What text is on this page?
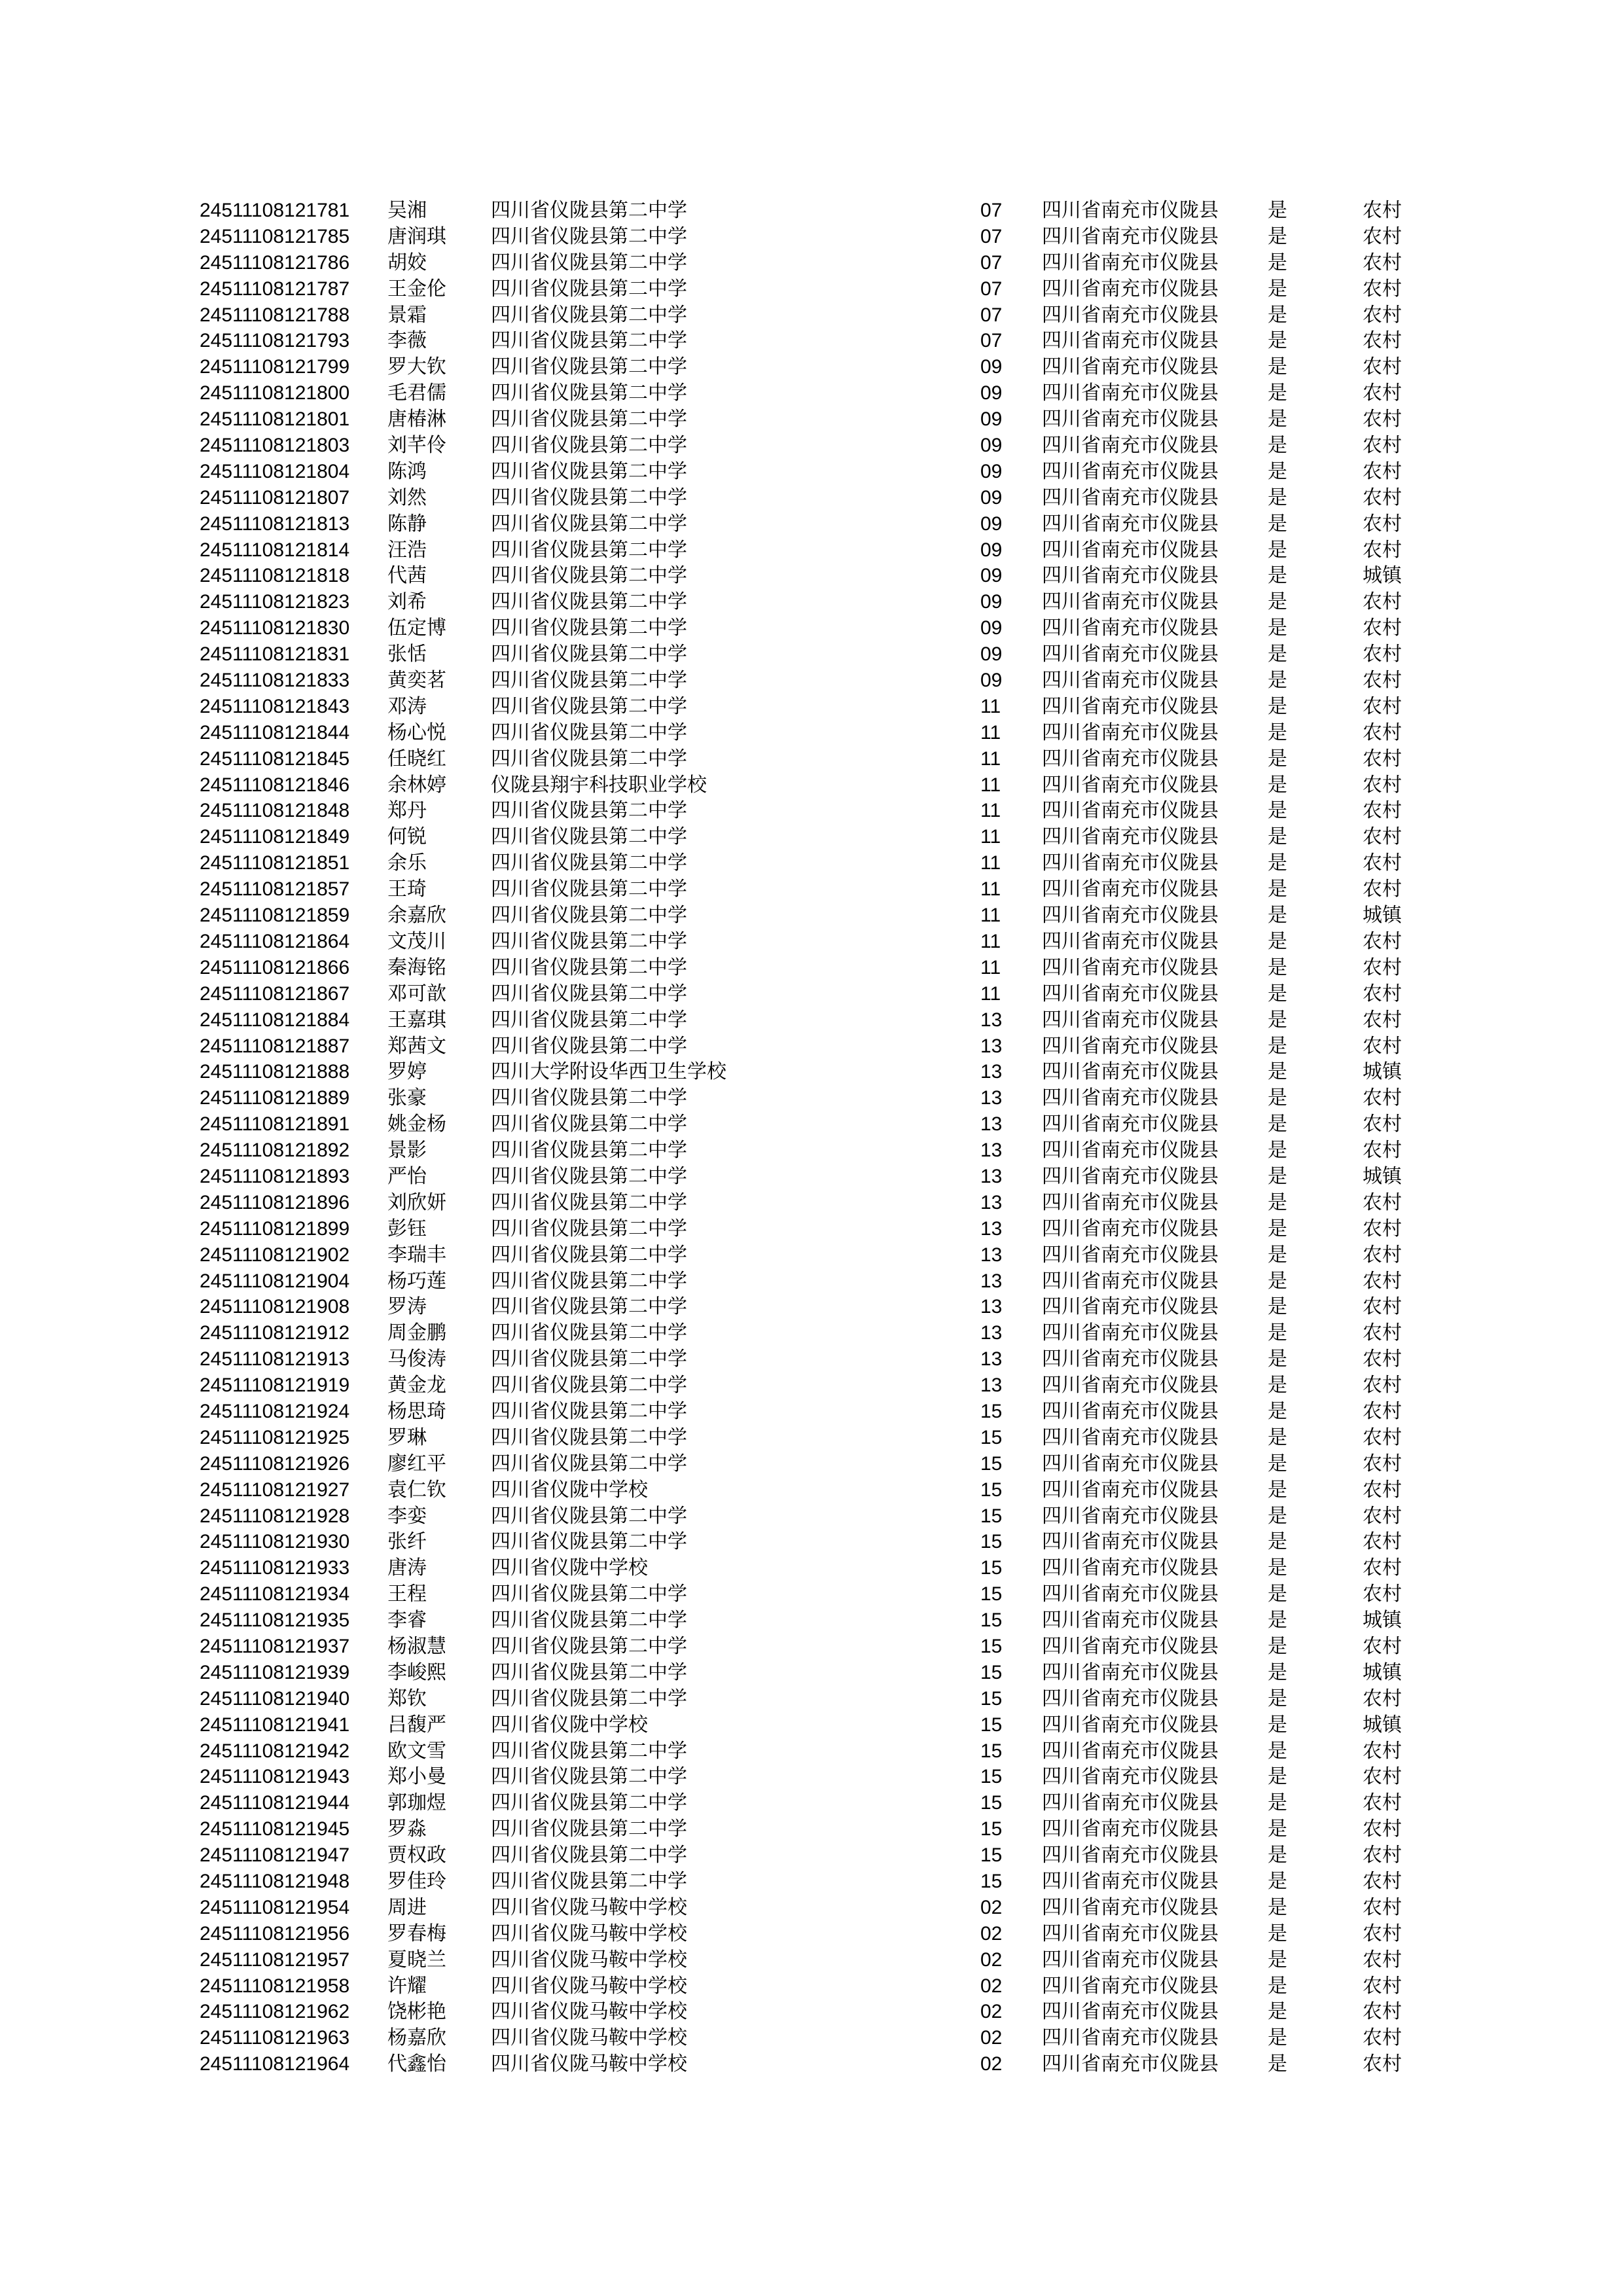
24511108121781 吴湘	四川省仪陇县第二中学	07 四川省南充市仪陇县	是	农村
24511108121785 唐润琪 四川省仪陇县第二中学	07 四川省南充市仪陇县	是	农村
24511108121786 胡姣	四川省仪陇县第二中学	07 四川省南充市仪陇县	是	农村
24511108121787 王金伦 四川省仪陇县第二中学	07 四川省南充市仪陇县	是	农村
24511108121788 景霜	四川省仪陇县第二中学	07 四川省南充市仪陇县	是	农村
24511108121793 李薇	四川省仪陇县第二中学	07 四川省南充市仪陇县	是	农村
24511108121799 罗大钦 四川省仪陇县第二中学	09 四川省南充市仪陇县	是	农村
24511108121800 毛君儒 四川省仪陇县第二中学	09 四川省南充市仪陇县	是	农村
24511108121801 唐椿淋 四川省仪陇县第二中学	09 四川省南充市仪陇县	是	农村
24511108121803 刘芊伶 四川省仪陇县第二中学	09 四川省南充市仪陇县	是	农村
24511108121804 陈鸿	四川省仪陇县第二中学	09 四川省南充市仪陇县	是	农村
24511108121807 刘然	四川省仪陇县第二中学	09 四川省南充市仪陇县	是	农村
24511108121813 陈静	四川省仪陇县第二中学	09 四川省南充市仪陇县	是	农村
24511108121814 汪浩	四川省仪陇县第二中学	09 四川省南充市仪陇县	是	农村
24511108121818 代茜	四川省仪陇县第二中学	09 四川省南充市仪陇县	是	城镇
24511108121823 刘希	四川省仪陇县第二中学	09 四川省南充市仪陇县	是	农村
24511108121830 伍定博 四川省仪陇县第二中学	09 四川省南充市仪陇县	是	农村
24511108121831 张恬	四川省仪陇县第二中学	09 四川省南充市仪陇县	是	农村
24511108121833 黄奕茗 四川省仪陇县第二中学	09 四川省南充市仪陇县	是	农村
24511108121843 邓涛	四川省仪陇县第二中学	11 四川省南充市仪陇县	是	农村
24511108121844 杨心悦 四川省仪陇县第二中学	11 四川省南充市仪陇县	是	农村
24511108121845 任晓红 四川省仪陇县第二中学	11 四川省南充市仪陇县	是	农村
24511108121846 余林婷 仪陇县翔宇科技职业学校	11 四川省南充市仪陇县	是	农村
24511108121848 郑丹	四川省仪陇县第二中学	11 四川省南充市仪陇县	是	农村
24511108121849 何锐	四川省仪陇县第二中学	11 四川省南充市仪陇县	是	农村
24511108121851 余乐	四川省仪陇县第二中学	11 四川省南充市仪陇县	是	农村
24511108121857 王琦	四川省仪陇县第二中学	11 四川省南充市仪陇县	是	农村
24511108121859 余嘉欣 四川省仪陇县第二中学	11 四川省南充市仪陇县	是	城镇
24511108121864 文茂川 四川省仪陇县第二中学	11 四川省南充市仪陇县	是	农村
24511108121866 秦海铭 四川省仪陇县第二中学	11 四川省南充市仪陇县	是	农村
24511108121867 邓可歆 四川省仪陇县第二中学	11 四川省南充市仪陇县	是	农村
24511108121884 王嘉琪 四川省仪陇县第二中学	13 四川省南充市仪陇县	是	农村
24511108121887 郑茜文 四川省仪陇县第二中学	13 四川省南充市仪陇县	是	农村
24511108121888 罗婷	四川大学附设华西卫生学校	13 四川省南充市仪陇县	是	城镇
24511108121889 张豪	四川省仪陇县第二中学	13 四川省南充市仪陇县	是	农村
24511108121891 姚金杨 四川省仪陇县第二中学	13 四川省南充市仪陇县	是	农村
24511108121892 景影	四川省仪陇县第二中学	13 四川省南充市仪陇县	是	农村
24511108121893 严怡	四川省仪陇县第二中学	13 四川省南充市仪陇县	是	城镇
24511108121896 刘欣妍 四川省仪陇县第二中学	13 四川省南充市仪陇县	是	农村
24511108121899 彭钰	四川省仪陇县第二中学	13 四川省南充市仪陇县	是	农村
24511108121902 李瑞丰 四川省仪陇县第二中学	13 四川省南充市仪陇县	是	农村
24511108121904 杨巧莲 四川省仪陇县第二中学	13 四川省南充市仪陇县	是	农村
24511108121908 罗涛	四川省仪陇县第二中学	13 四川省南充市仪陇县	是	农村
24511108121912 周金鹏 四川省仪陇县第二中学	13 四川省南充市仪陇县	是	农村
24511108121913 马俊涛 四川省仪陇县第二中学	13 四川省南充市仪陇县	是	农村
24511108121919 黄金龙 四川省仪陇县第二中学	13 四川省南充市仪陇县	是	农村
24511108121924 杨思琦 四川省仪陇县第二中学	15 四川省南充市仪陇县	是	农村
24511108121925 罗琳	四川省仪陇县第二中学	15 四川省南充市仪陇县	是	农村
24511108121926 廖红平 四川省仪陇县第二中学	15 四川省南充市仪陇县	是	农村
24511108121927 袁仁钦 四川省仪陇中学校	15 四川省南充市仪陇县	是	农村
24511108121928 李娈	四川省仪陇县第二中学	15 四川省南充市仪陇县	是	农村
24511108121930 张纤	四川省仪陇县第二中学	15 四川省南充市仪陇县	是	农村
24511108121933 唐涛	四川省仪陇中学校	15 四川省南充市仪陇县	是	农村
24511108121934 王程	四川省仪陇县第二中学	15 四川省南充市仪陇县	是	农村
24511108121935 李睿	四川省仪陇县第二中学	15 四川省南充市仪陇县	是	城镇
24511108121937 杨淑慧 四川省仪陇县第二中学	15 四川省南充市仪陇县	是	农村
24511108121939 李峻熙 四川省仪陇县第二中学	15 四川省南充市仪陇县	是	城镇
24511108121940 郑钦	四川省仪陇县第二中学	15 四川省南充市仪陇县	是	农村
24511108121941 吕馥严 四川省仪陇中学校	15 四川省南充市仪陇县	是	城镇
24511108121942 欧文雪 四川省仪陇县第二中学	15 四川省南充市仪陇县	是	农村
24511108121943 郑小曼 四川省仪陇县第二中学	15 四川省南充市仪陇县	是	农村
24511108121944 郭珈煜 四川省仪陇县第二中学	15 四川省南充市仪陇县	是	农村
24511108121945 罗淼	四川省仪陇县第二中学	15 四川省南充市仪陇县	是	农村
24511108121947 贾权政 四川省仪陇县第二中学	15 四川省南充市仪陇县	是	农村
24511108121948 罗佳玲 四川省仪陇县第二中学	15 四川省南充市仪陇县	是	农村
24511108121954 周进	四川省仪陇马鞍中学校	02 四川省南充市仪陇县	是	农村
24511108121956 罗春梅 四川省仪陇马鞍中学校	02 四川省南充市仪陇县	是	农村
24511108121957 夏晓兰 四川省仪陇马鞍中学校	02 四川省南充市仪陇县	是	农村
24511108121958 许耀	四川省仪陇马鞍中学校	02 四川省南充市仪陇县	是	农村
24511108121962 饶彬艳 四川省仪陇马鞍中学校	02 四川省南充市仪陇县	是	农村
24511108121963 杨嘉欣 四川省仪陇马鞍中学校	02 四川省南充市仪陇县	是	农村
24511108121964 代鑫怡 四川省仪陇马鞍中学校	02 四川省南充市仪陇县	是	农村
